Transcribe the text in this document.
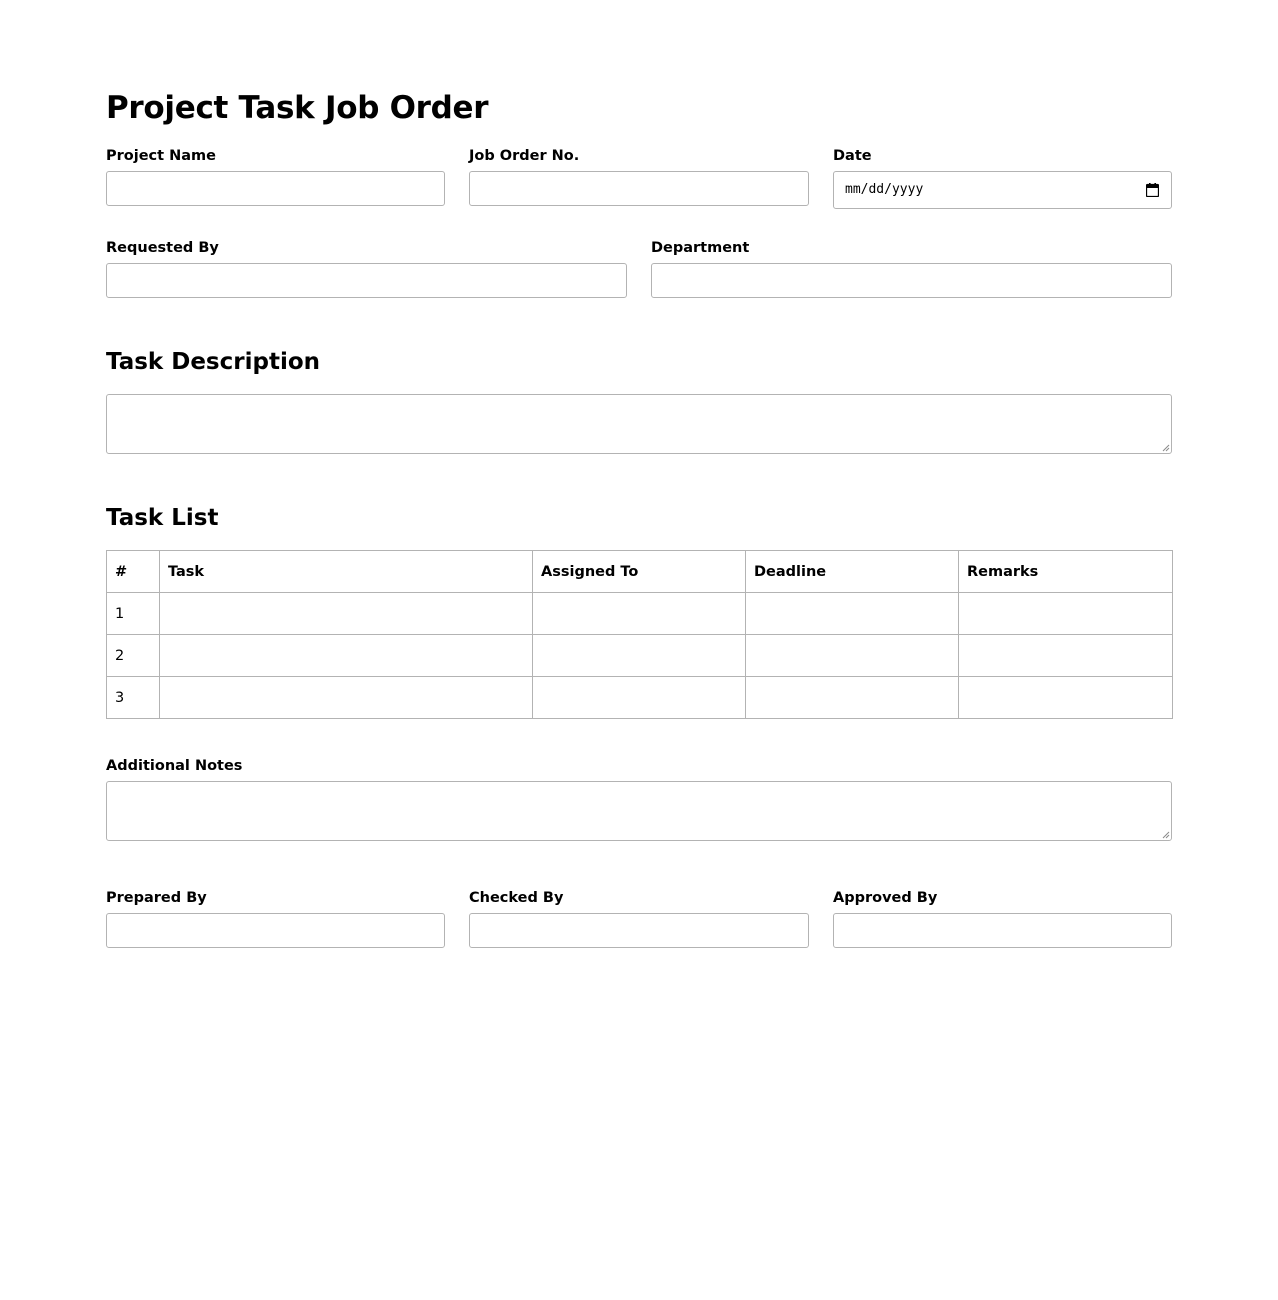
Project Task Job Order
Project Name	Job Order No.	Date
mm/dd/yyyy
Requested By	Department
Task Description
Task List
#	Task	Assigned To	Deadline	Remarks
1				
2				
3				
Additional Notes
Prepared By	Checked By	Approved By
